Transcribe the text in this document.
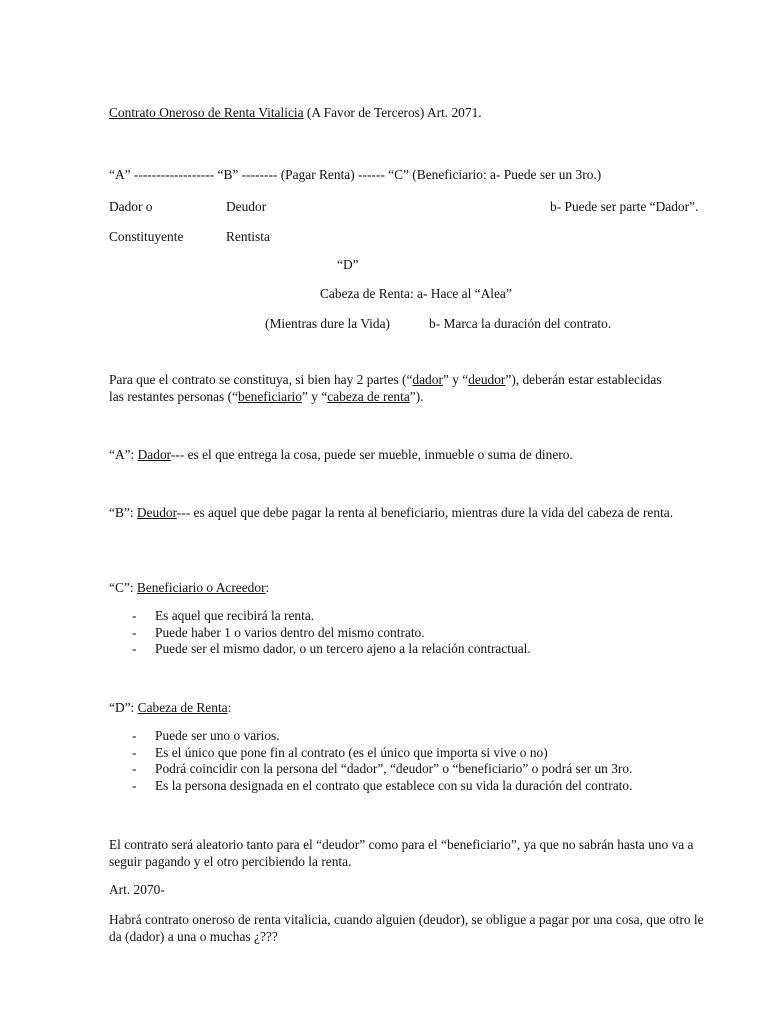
Contrato Oneroso de Renta Vitalicia (A Favor de Terceros) Art. 2071.
“A” ------------------ “B” -------- (Pagar Renta) ------ “C” (Beneficiario: a- Puede ser un 3ro.)
Dador o	Deudor	b- Puede ser parte “Dador”.
Constituyente	Rentista
“D”
Cabeza de Renta: a- Hace al “Alea”
(Mientras dure la Vida)	b- Marca la duración del contrato.
Para que el contrato se constituya, si bien hay 2 partes (“dador” y “deudor”), deberán estar establecidas las restantes personas (“beneficiario” y “cabeza de renta”).
“A”: Dador--- es el que entrega la cosa, puede ser mueble, inmueble o suma de dinero.
“B”: Deudor--- es aquel que debe pagar la renta al beneficiario, mientras dure la vida del cabeza de renta.
“C”: Beneficiario o Acreedor:
- Es aquel que recibirá la renta.
- Puede haber 1 o varios dentro del mismo contrato.
- Puede ser el mismo dador, o un tercero ajeno a la relación contractual.
“D”: Cabeza de Renta:
- Puede ser uno o varios.
- Es el único que pone fin al contrato (es el único que importa si vive o no)
- Podrá coincidir con la persona del “dador”, “deudor” o “beneficiario” o podrá ser un 3ro.
- Es la persona designada en el contrato que establece con su vida la duración del contrato.
El contrato será aleatorio tanto para el “deudor” como para el “beneficiario”, ya que no sabrán hasta uno va a seguir pagando y el otro percibiendo la renta.
Art. 2070-
Habrá contrato oneroso de renta vitalicia, cuando alguien (deudor), se obligue a pagar por una cosa, que otro le da (dador) a una o muchas ¿???
